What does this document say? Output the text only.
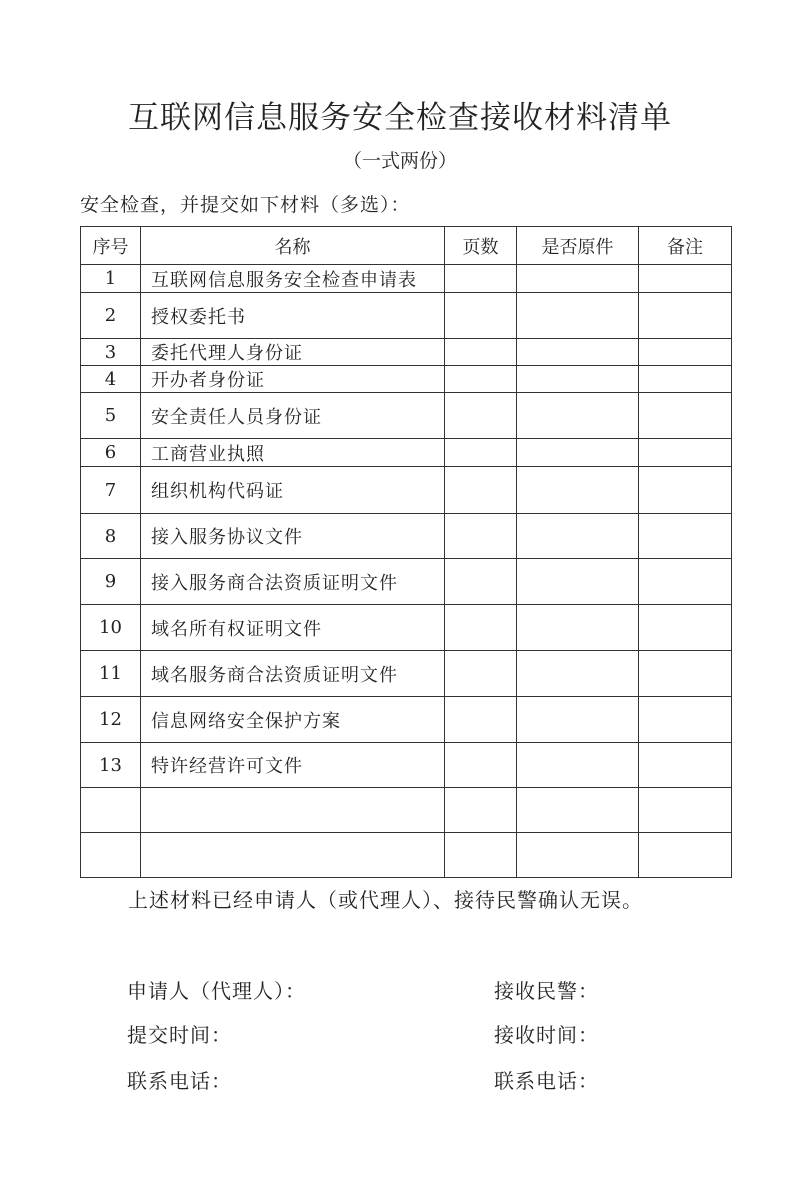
互联网信息服务安全检查接收材料清单
（一式两份）
安全检查，并提交如下材料（多选）：
序号	名称	页数	是否原件	备注
1	互联网信息服务安全检查申请表			
2	授权委托书			
3	委托代理人身份证			
4	开办者身份证			
5	安全责任人员身份证			
6	工商营业执照			
7	组织机构代码证			
8	接入服务协议文件			
9	接入服务商合法资质证明文件			
10	域名所有权证明文件			
11	域名服务商合法资质证明文件			
12	信息网络安全保护方案			
13	特许经营许可文件			

上述材料已经申请人（或代理人）、接待民警确认无误。
申请人（代理人）：
提交时间：
联系电话：
接收民警：
接收时间：
联系电话：
